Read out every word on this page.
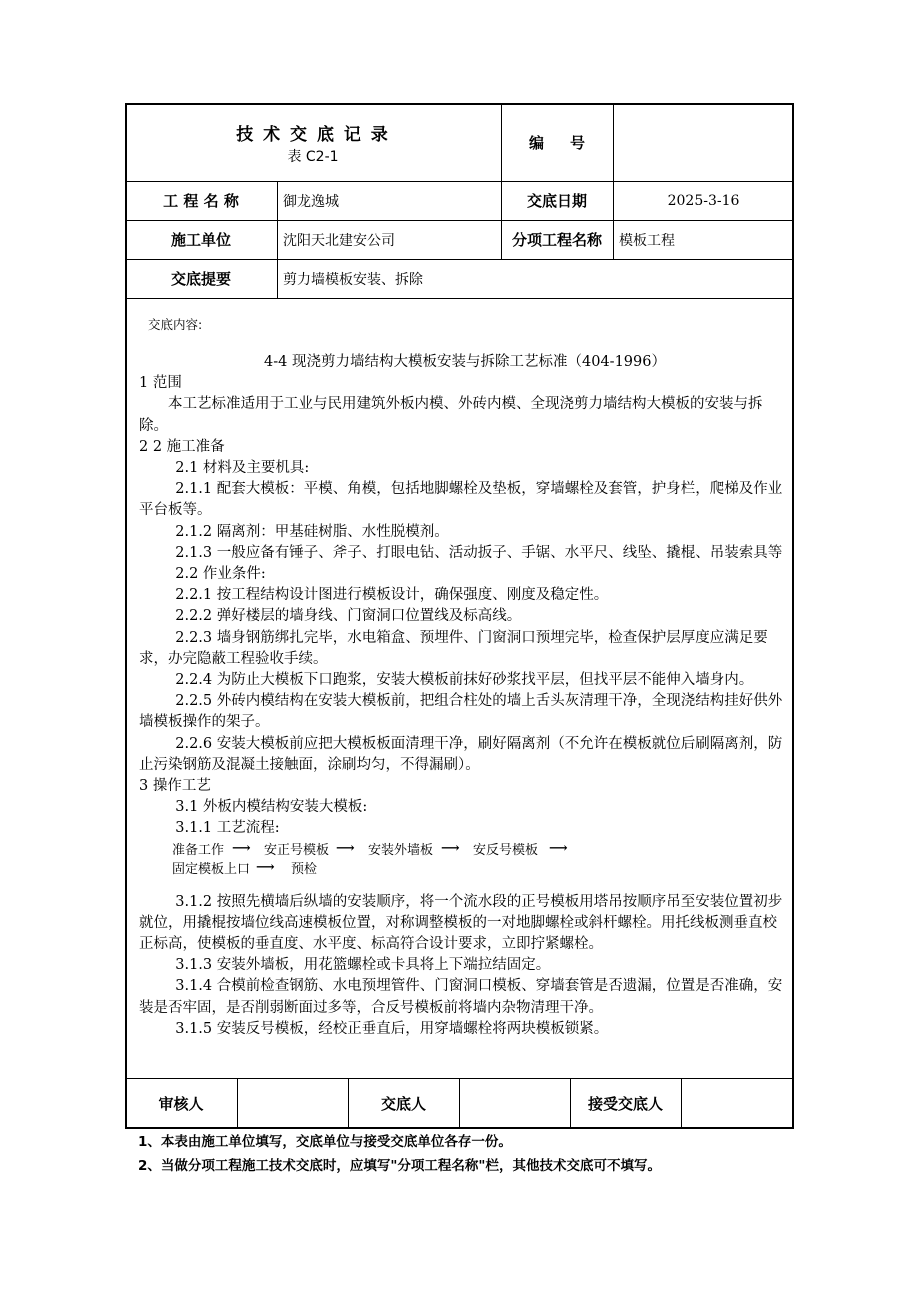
技 术 交 底 记 录
表 C2-1
编     号
工 程 名 称	御龙逸城	交底日期	2025-3-16
施工单位	沈阳天北建安公司	分项工程名称	模板工程
交底提要	剪力墙模板安装、拆除
交底内容:

4-4 现浇剪力墙结构大模板安装与拆除工艺标准（404-1996）

1 范围

本工艺标准适用于工业与民用建筑外板内模、外砖内模、全现浇剪力墙结构大模板的安装与拆除。

2 2 施工准备

2.1 材料及主要机具:

2.1.1 配套大模板：平模、角模，包括地脚螺栓及垫板，穿墙螺栓及套管，护身栏，爬梯及作业平台板等。

2.1.2 隔离剂：甲基硅树脂、水性脱模剂。

2.1.3 一般应备有锤子、斧子、打眼电钻、活动扳子、手锯、水平尺、线坠、撬棍、吊装索具等

2.2 作业条件:

2.2.1 按工程结构设计图进行模板设计，确保强度、刚度及稳定性。

2.2.2 弹好楼层的墙身线、门窗洞口位置线及标高线。

2.2.3 墙身钢筋绑扎完毕，水电箱盒、预埋件、门窗洞口预埋完毕，检查保护层厚度应满足要求，办完隐蔽工程验收手续。

2.2.4 为防止大模板下口跑浆，安装大模板前抹好砂浆找平层，但找平层不能伸入墙身内。

2.2.5 外砖内模结构在安装大模板前，把组合柱处的墙上舌头灰清理干净，全现浇结构挂好供外墙模板操作的架子。

2.2.6 安装大模板前应把大模板板面清理干净，刷好隔离剂（不允许在模板就位后刷隔离剂，防止污染钢筋及混凝土接触面，涂刷均匀，不得漏刷）。

3 操作工艺

3.1 外板内模结构安装大模板:

3.1.1 工艺流程:

准备工作 ⟶ 安正号模板 ⟶ 安装外墙板 ⟶ 安反号模板 ⟶
固定模板上口 ⟶ 预检

3.1.2 按照先横墙后纵墙的安装顺序，将一个流水段的正号模板用塔吊按顺序吊至安装位置初步就位，用撬棍按墙位线高速模板位置，对称调整模板的一对地脚螺栓或斜杆螺栓。用托线板测垂直校正标高，使模板的垂直度、水平度、标高符合设计要求，立即拧紧螺栓。

3.1.3 安装外墙板，用花篮螺栓或卡具将上下端拉结固定。

3.1.4 合模前检查钢筋、水电预埋管件、门窗洞口模板、穿墙套管是否遗漏，位置是否准确，安装是否牢固，是否削弱断面过多等，合反号模板前将墙内杂物清理干净。

3.1.5 安装反号模板，经校正垂直后，用穿墙螺栓将两块模板锁紧。

审核人	交底人	接受交底人

1、本表由施工单位填写，交底单位与接受交底单位各存一份。

2、当做分项工程施工技术交底时，应填写"分项工程名称"栏，其他技术交底可不填写。
